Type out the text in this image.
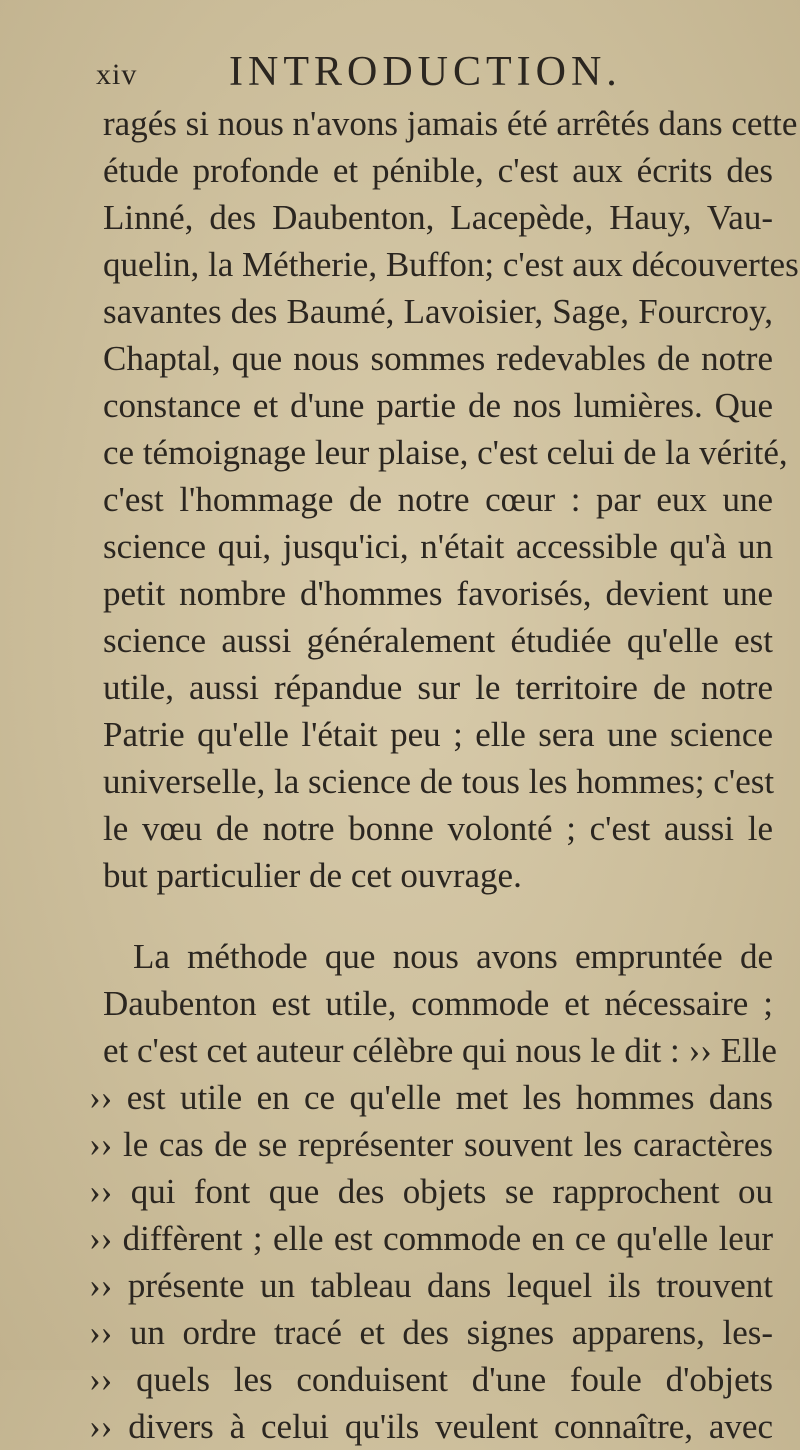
xiv INTRODUCTION.
ragés si nous n'avons jamais été arrêtés dans cette
étude profonde et pénible, c'est aux écrits des
Linné, des Daubenton, Lacepède, Hauy, Vau-
quelin, la Métherie, Buffon; c'est aux découvertes
savantes des Baumé, Lavoisier, Sage, Fourcroy,
Chaptal, que nous sommes redevables de notre
constance et d'une partie de nos lumières. Que
ce témoignage leur plaise, c'est celui de la vérité,
c'est l'hommage de notre cœur : par eux une
science qui, jusqu'ici, n'était accessible qu'à un
petit nombre d'hommes favorisés, devient une
science aussi généralement étudiée qu'elle est
utile, aussi répandue sur le territoire de notre
Patrie qu'elle l'était peu ; elle sera une science
universelle, la science de tous les hommes; c'est
le vœu de notre bonne volonté ; c'est aussi le
but particulier de cet ouvrage.
La méthode que nous avons empruntée de
Daubenton est utile, commode et nécessaire ;
et c'est cet auteur célèbre qui nous le dit : ›› Elle
›› est utile en ce qu'elle met les hommes dans
›› le cas de se représenter souvent les caractères
›› qui font que des objets se rapprochent ou
›› diffèrent ; elle est commode en ce qu'elle leur
›› présente un tableau dans lequel ils trouvent
›› un ordre tracé et des signes apparens, les-
›› quels les conduisent d'une foule d'objets
›› divers à celui qu'ils veulent connaître, avec
